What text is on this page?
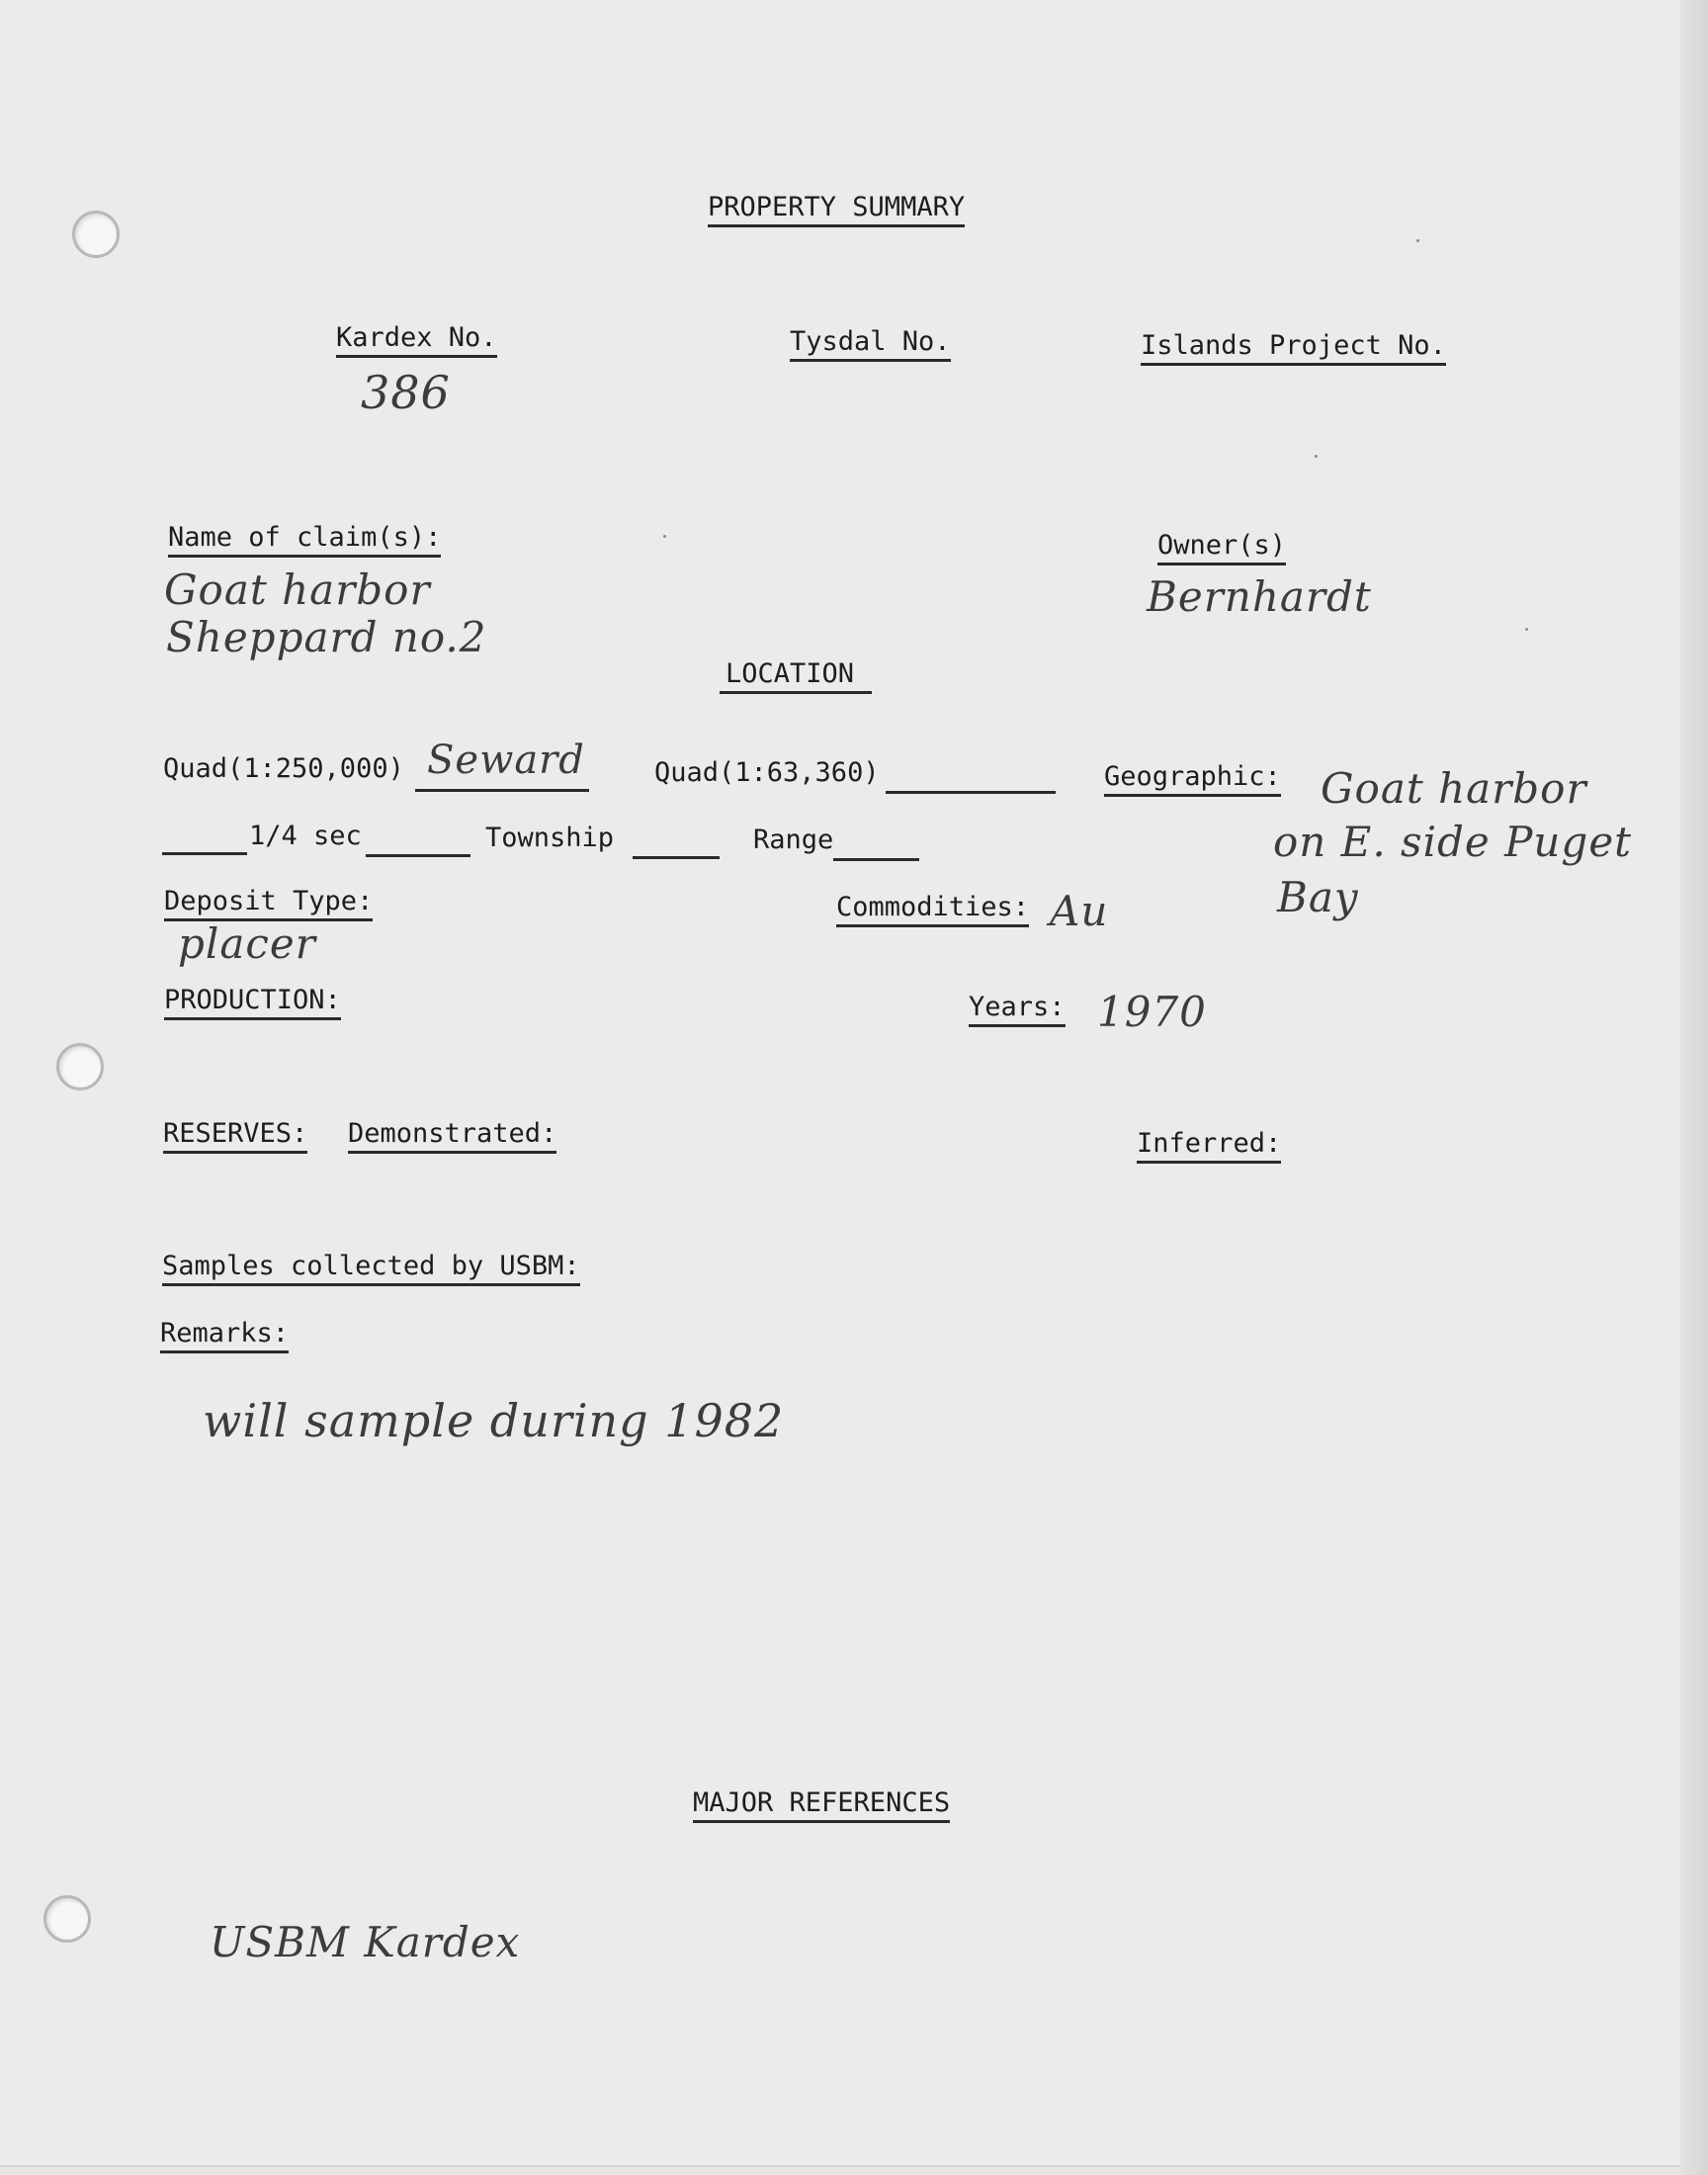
PROPERTY SUMMARY
Kardex No.
386
Tysdal No.	Islands Project No.
Name of claim(s):
Goat harbor
Sheppard no.2
Owner(s)
Bernhardt
LOCATION
Quad(1:250,000) Seward	Quad(1:63,360)	Geographic: Goat harbor
on E. side Puget
Bay
1/4 sec	Township	Range
Deposit Type:
placer
Commodities: Au
PRODUCTION:	Years: 1970
RESERVES: Demonstrated:	Inferred:
Samples collected by USBM:
Remarks:
will sample during 1982
MAJOR REFERENCES
USBM Kardex
